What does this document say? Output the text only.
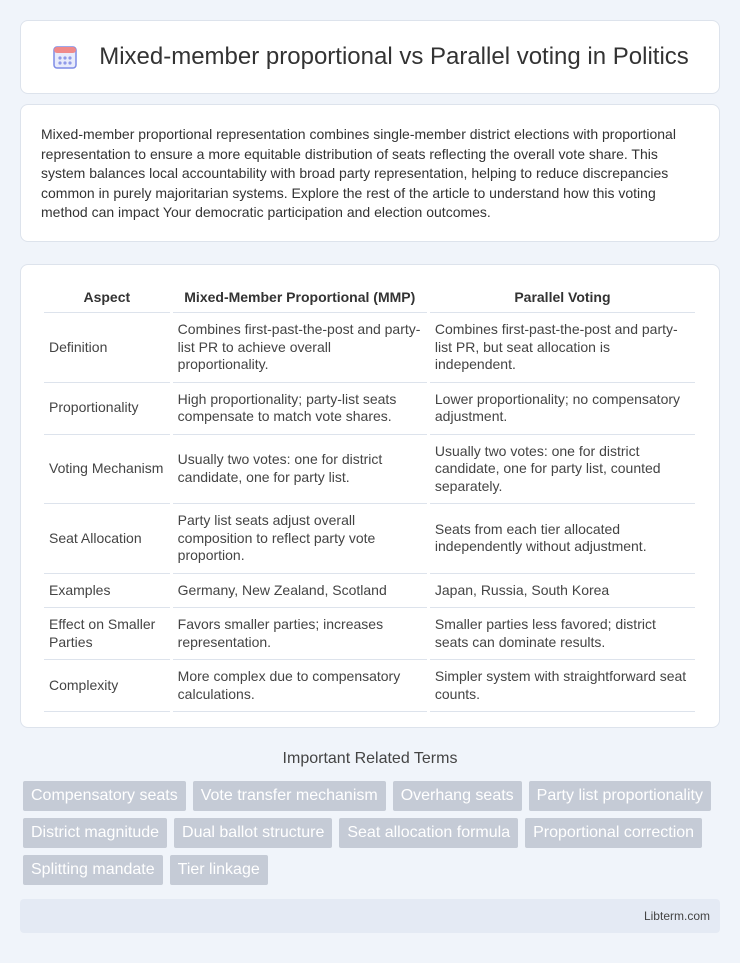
Mixed-member proportional vs Parallel voting in Politics

Mixed-member proportional representation combines single-member district elections with proportional representation to ensure a more equitable distribution of seats reflecting the overall vote share. This system balances local accountability with broad party representation, helping to reduce discrepancies common in purely majoritarian systems. Explore the rest of the article to understand how this voting method can impact Your democratic participation and election outcomes.

Aspect	Mixed-Member Proportional (MMP)	Parallel Voting
Definition	Combines first-past-the-post and party-list PR to achieve overall proportionality.	Combines first-past-the-post and party-list PR, but seat allocation is independent.
Proportionality	High proportionality; party-list seats compensate to match vote shares.	Lower proportionality; no compensatory adjustment.
Voting Mechanism	Usually two votes: one for district candidate, one for party list.	Usually two votes: one for district candidate, one for party list, counted separately.
Seat Allocation	Party list seats adjust overall composition to reflect party vote proportion.	Seats from each tier allocated independently without adjustment.
Examples	Germany, New Zealand, Scotland	Japan, Russia, South Korea
Effect on Smaller Parties	Favors smaller parties; increases representation.	Smaller parties less favored; district seats can dominate results.
Complexity	More complex due to compensatory calculations.	Simpler system with straightforward seat counts.
Important Related Terms
Compensatory seats	Vote transfer mechanism	Overhang seats	Party list proportionality
District magnitude	Dual ballot structure	Seat allocation formula	Proportional correction
Splitting mandate	Tier linkage
Libterm.com
